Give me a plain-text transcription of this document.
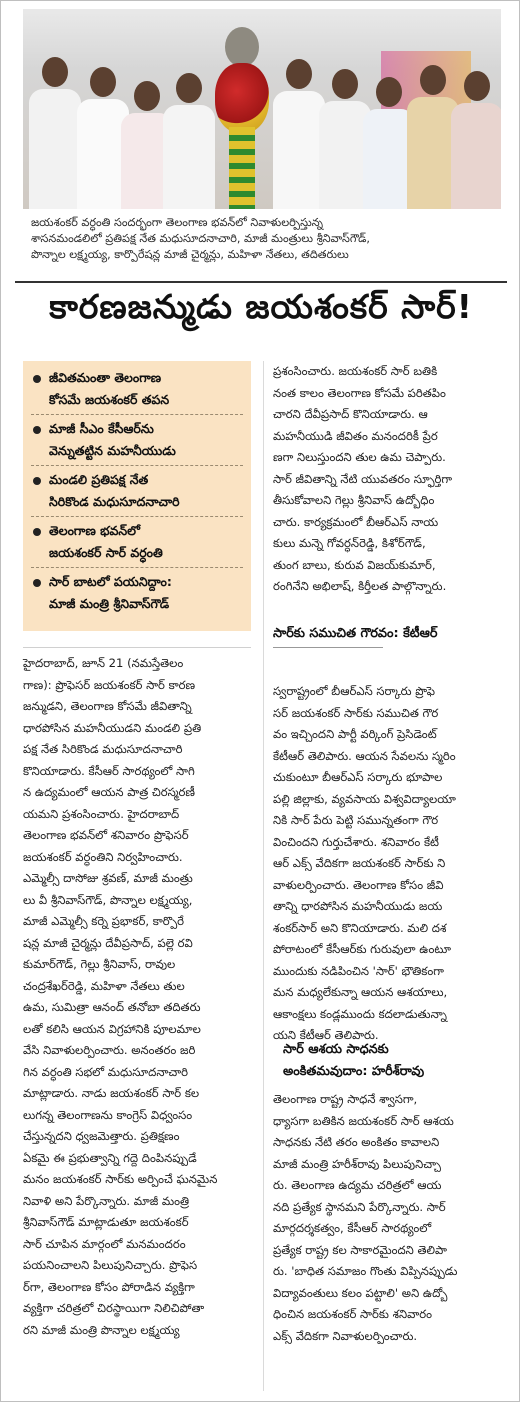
జయశంకర్ వర్ధంతి సందర్భంగా తెలంగాణ భవన్‌లో నివాళులర్పిస్తున్న
శాసనమండలిలో ప్రతిపక్ష నేత మధుసూదనాచారి, మాజీ మంత్రులు శ్రీనివాస్‌గౌడ్,
పొన్నాల లక్ష్మయ్య, కార్పొరేషన్ల మాజీ చైర్మన్లు, మహిళా నేతలు, తదితరులు
కారణజన్ముడు జయశంకర్ సార్!
జీవితమంతా తెలంగాణ
కోసమే జయశంకర్ తపన
మాజీ సీఎం కేసీఆర్‌ను
వెన్నుతట్టిన మహనీయుడు
మండలి ప్రతిపక్ష నేత
సిరికొండ మధుసూదనాచారి
తెలంగాణ భవన్‌లో
జయశంకర్ సార్ వర్ధంతి
సార్ బాటలో పయనిద్దాం:
మాజీ మంత్రి శ్రీనివాస్‌గౌడ్

హైదరాబాద్, జూన్ 21 (నమస్తేతెలం

గాణ): ప్రొఫెసర్ జయశంకర్ సార్ కారణ

జన్ముడని, తెలంగాణ కోసమే జీవితాన్ని

ధారపోసిన మహనీయుడని మండలి ప్రతి

పక్ష నేత సిరికొండ మధుసూదనాచారి

కొనియాడారు. కేసీఆర్ సారథ్యంలో సాగి

న ఉద్యమంలో ఆయన పాత్ర చిరస్మరణీ

యమని ప్రశంసించారు. హైదరాబాద్

తెలంగాణ భవన్‌లో శనివారం ప్రొఫెసర్

జయశంకర్ వర్ధంతిని నిర్వహించారు.

ఎమ్మెల్సీ దాసోజు శ్రవణ్, మాజీ మంత్రు

లు వీ శ్రీనివాస్‌గౌడ్, పొన్నాల లక్ష్మయ్య,

మాజీ ఎమ్మెల్సీ కర్నె ప్రభాకర్, కార్పొరే

షన్ల మాజీ చైర్మన్లు దేవీప్రసాద్, పల్లె రవి

కుమార్‌గౌడ్, గెల్లు శ్రీనివాస్, రావుల

చంద్రశేఖర్‌రెడ్డి, మహిళా నేతలు తుల

ఉమ, సుమిత్రా ఆనంద్ తనోబా తదితరు

లతో కలిసి ఆయన విగ్రహానికి పూలమాల

వేసి నివాళులర్పించారు. అనంతరం జరి

గిన వర్ధంతి సభలో మధుసూదనాచారి

మాట్లాడారు. నాడు జయశంకర్ సార్ కల

లుగన్న తెలంగాణను కాంగ్రెస్ విధ్వంసం

చేస్తున్నదని ధ్వజమెత్తారు. ప్రతిక్షణం

ఏకమై ఈ ప్రభుత్వాన్ని గద్దె దింపినప్పుడే

మనం జయశంకర్ సార్‌కు అర్పించే ఘనమైన

నివాళి అని పేర్కొన్నారు. మాజీ మంత్రి

శ్రీనివాస్‌గౌడ్ మాట్లాడుతూ జయశంకర్

సార్ చూపిన మార్గంలో మనమందరం

పయనించాలని పిలుపునిచ్చారు. ప్రొఫెస

ర్‌గా, తెలంగాణ కోసం పోరాడిన వ్యక్తిగా

వ్యక్తిగా చరిత్రలో చిరస్థాయిగా నిలిచిపోతా

రని మాజీ మంత్రి పొన్నాల లక్ష్మయ్య

ప్రశంసించారు. జయశంకర్ సార్ బతికి

నంత కాలం తెలంగాణ కోసమే పరితపిం

చారని దేవీప్రసాద్ కొనియాడారు. ఆ

మహనీయుడి జీవితం మనందరికీ ప్రేర

ణగా నిలుస్తుందని తుల ఉమ చెప్పారు.

సార్ జీవితాన్ని నేటి యువతరం స్ఫూర్తిగా

తీసుకోవాలని గెల్లు శ్రీనివాస్ ఉద్బోధిం

చారు. కార్యక్రమంలో బీఆర్‌ఎస్ నాయ

కులు మన్నె గోవర్ధన్‌రెడ్డి, కిశోర్‌గౌడ్,

తుంగ బాలు, కురువ విజయ్‌కుమార్,

రంగినేని అభిలాష్, కిర్తీలత పాల్గొన్నారు.

సార్‌కు సముచిత గౌరవం: కేటీఆర్

స్వరాష్ట్రంలో బీఆర్‌ఎస్ సర్కారు ప్రొఫె

సర్ జయశంకర్ సార్‌కు సముచిత గౌర

వం ఇచ్చిందని పార్టీ వర్కింగ్ ప్రెసిడెంట్

కేటీఆర్ తెలిపారు. ఆయన సేవలను స్మరిం

చుకుంటూ బీఆర్‌ఎస్ సర్కారు భూపాల

పల్లి జిల్లాకు, వ్యవసాయ విశ్వవిద్యాలయా

నికి సార్ పేరు పెట్టి సమున్నతంగా గౌర

వించిందని గుర్తుచేశారు. శనివారం కేటీ

ఆర్ ఎక్స్ వేదికగా జయశంకర్ సార్‌కు ని

వాళులర్పించారు. తెలంగాణ కోసం జీవి

తాన్ని ధారపోసిన మహనీయుడు జయ

శంకర్‌సార్ అని కొనియాడారు. మలి దశ

పోరాటంలో కేసీఆర్‌కు గురువులా ఉంటూ

ముందుకు నడిపించిన 'సార్' భౌతికంగా

మన మధ్యలేకున్నా ఆయన ఆశయాలు,

ఆకాంక్షలు కండ్లముందు కదలాడుతున్నా

యని కేటీఆర్ తెలిపారు.

సార్ ఆశయ సాధనకు
అంకితమవుదాం: హరీశ్‌రావు

తెలంగాణ రాష్ట్ర సాధనే శ్వాసగా,

ధ్యాసగా బతికిన జయశంకర్ సార్ ఆశయ

సాధనకు నేటి తరం అంకితం కావాలని

మాజీ మంత్రి హరీశ్‌రావు పిలుపునిచ్చా

రు. తెలంగాణ ఉద్యమ చరిత్రలో ఆయ

నది ప్రత్యేక స్థానమని పేర్కొన్నారు. సార్

మార్గదర్శకత్వం, కేసీఆర్ సారథ్యంలో

ప్రత్యేక రాష్ట్ర కల సాకారమైందని తెలిపా

రు. 'బాధిత సమాజం గొంతు విప్పినప్పుడు

విద్యావంతులు కలం పట్టాలి' అని ఉద్బో

ధించిన జయశంకర్ సార్‌కు శనివారం

ఎక్స్ వేదికగా నివాళులర్పించారు.
